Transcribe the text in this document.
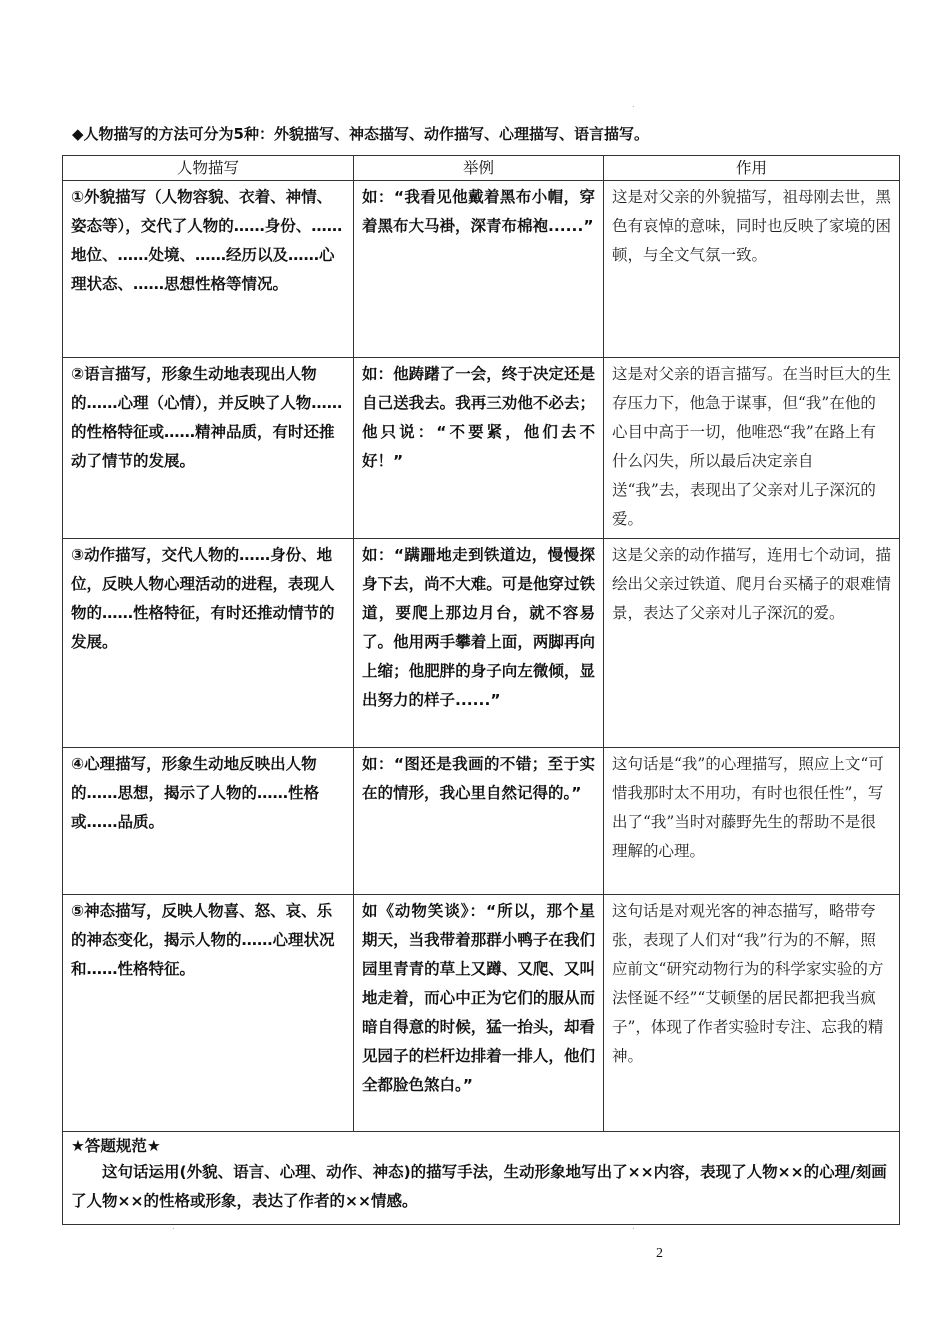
.
◆人物描写的方法可分为5种：外貌描写、神态描写、动作描写、心理描写、语言描写。
人物描写	举例	作用
①外貌描写（人物容貌、衣着、神情、姿态等），交代了人物的……身份、……地位、……处境、……经历以及……心理状态、……思想性格等情况。	如：“我看见他戴着黑布小帽，穿着黑布大马褂，深青布棉袍......”	这是对父亲的外貌描写，祖母刚去世，黑色有哀悼的意味，同时也反映了家境的困顿，与全文气氛一致。
②语言描写，形象生动地表现出人物的……心理（心情），并反映了人物……的性格特征或……精神品质，有时还推动了情节的发展。	如：他踌躇了一会，终于决定还是自己送我去。我再三劝他不必去；他只说：“不要紧，他们去不好！”	这是对父亲的语言描写。在当时巨大的生存压力下，他急于谋事，但“我”在他的心目中高于一切，他唯恐“我”在路上有什么闪失，所以最后决定亲自送“我”去，表现出了父亲对儿子深沉的爱。
③动作描写，交代人物的……身份、地位，反映人物心理活动的进程，表现人物的……性格特征，有时还推动情节的发展。	如：“蹒跚地走到铁道边，慢慢探身下去，尚不大难。可是他穿过铁道，要爬上那边月台，就不容易了。他用两手攀着上面，两脚再向上缩；他肥胖的身子向左微倾，显出努力的样子......”	这是父亲的动作描写，连用七个动词，描绘出父亲过铁道、爬月台买橘子的艰难情景，表达了父亲对儿子深沉的爱。
④心理描写，形象生动地反映出人物的……思想，揭示了人物的……性格或……品质。	如：“图还是我画的不错；至于实在的情形，我心里自然记得的。”	这句话是“我”的心理描写，照应上文“可惜我那时太不用功，有时也很任性”，写出了“我”当时对藤野先生的帮助不是很理解的心理。
⑤神态描写，反映人物喜、怒、哀、乐的神态变化，揭示人物的……心理状况和……性格特征。	如《动物笑谈》：“所以，那个星期天，当我带着那群小鸭子在我们园里青青的草上又蹲、又爬、又叫地走着，而心中正为它们的服从而暗自得意的时候，猛一抬头，却看见园子的栏杆边排着一排人，他们全都脸色煞白。”	这句话是对观光客的神态描写，略带夸张，表现了人们对“我”行为的不解，照应前文“研究动物行为的科学家实验的方法怪诞不经”“艾顿堡的居民都把我当疯子”，体现了作者实验时专注、忘我的精神。

★答题规范★
这句话运用(外貌、语言、心理、动作、神态)的描写手法，生动形象地写出了××内容，表现了人物××的心理/刻画了人物××的性格或形象，表达了作者的××情感。		
.	.
2
